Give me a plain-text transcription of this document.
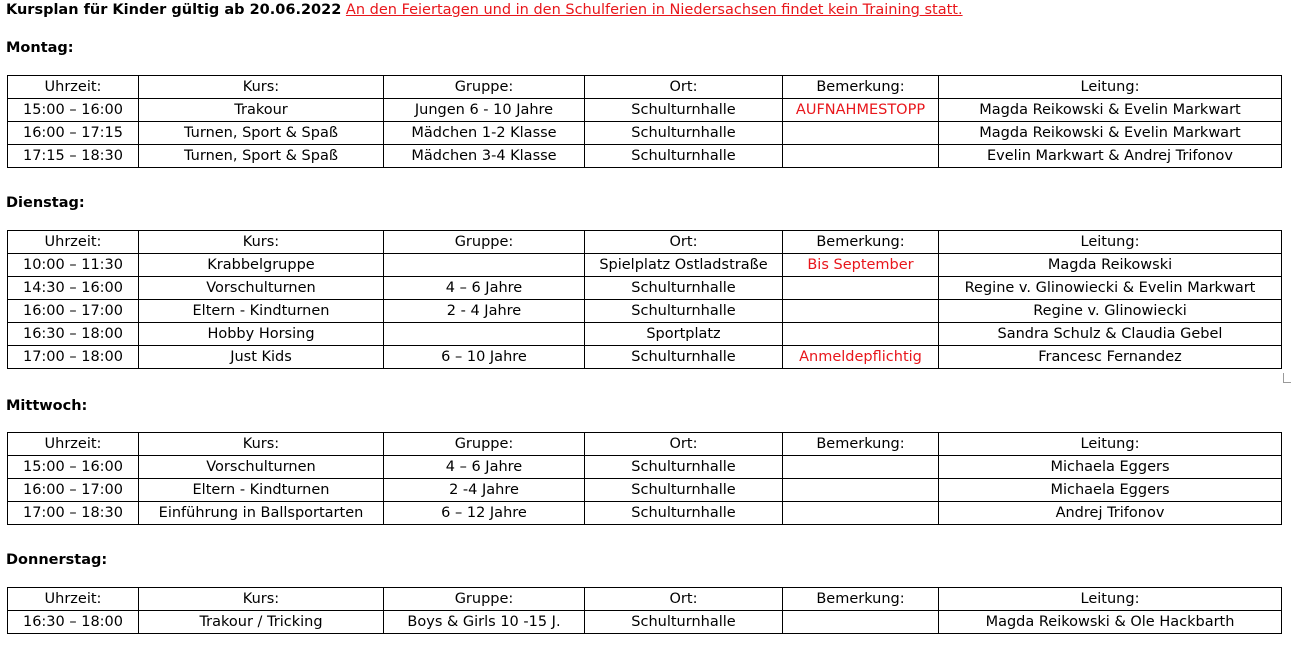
Kursplan für Kinder gültig ab 20.06.2022 An den Feiertagen und in den Schulferien in Niedersachsen findet kein Training statt.
Montag:
Uhrzeit:	Kurs:	Gruppe:	Ort:	Bemerkung:	Leitung:
15:00 – 16:00	Trakour	Jungen 6 - 10 Jahre	Schulturnhalle	AUFNAHMESTOPP	Magda Reikowski & Evelin Markwart
16:00 – 17:15	Turnen, Sport & Spaß	Mädchen 1-2 Klasse	Schulturnhalle		Magda Reikowski & Evelin Markwart
17:15 – 18:30	Turnen, Sport & Spaß	Mädchen 3-4 Klasse	Schulturnhalle		Evelin Markwart & Andrej Trifonov
Dienstag:
Uhrzeit:	Kurs:	Gruppe:	Ort:	Bemerkung:	Leitung:
10:00 – 11:30	Krabbelgruppe		Spielplatz Ostladstraße	Bis September	Magda Reikowski
14:30 – 16:00	Vorschulturnen	4 – 6 Jahre	Schulturnhalle		Regine v. Glinowiecki & Evelin Markwart
16:00 – 17:00	Eltern - Kindturnen	2 - 4 Jahre	Schulturnhalle		Regine v. Glinowiecki
16:30 – 18:00	Hobby Horsing		Sportplatz		Sandra Schulz & Claudia Gebel
17:00 – 18:00	Just Kids	6 – 10 Jahre	Schulturnhalle	Anmeldepflichtig	Francesc Fernandez
Mittwoch:
Uhrzeit:	Kurs:	Gruppe:	Ort:	Bemerkung:	Leitung:
15:00 – 16:00	Vorschulturnen	4 – 6 Jahre	Schulturnhalle		Michaela Eggers
16:00 – 17:00	Eltern - Kindturnen	2 -4 Jahre	Schulturnhalle		Michaela Eggers
17:00 – 18:30	Einführung in Ballsportarten	6 – 12 Jahre	Schulturnhalle		Andrej Trifonov
Donnerstag:
Uhrzeit:	Kurs:	Gruppe:	Ort:	Bemerkung:	Leitung:
16:30 – 18:00	Trakour / Tricking	Boys & Girls 10 -15 J.	Schulturnhalle		Magda Reikowski & Ole Hackbarth
